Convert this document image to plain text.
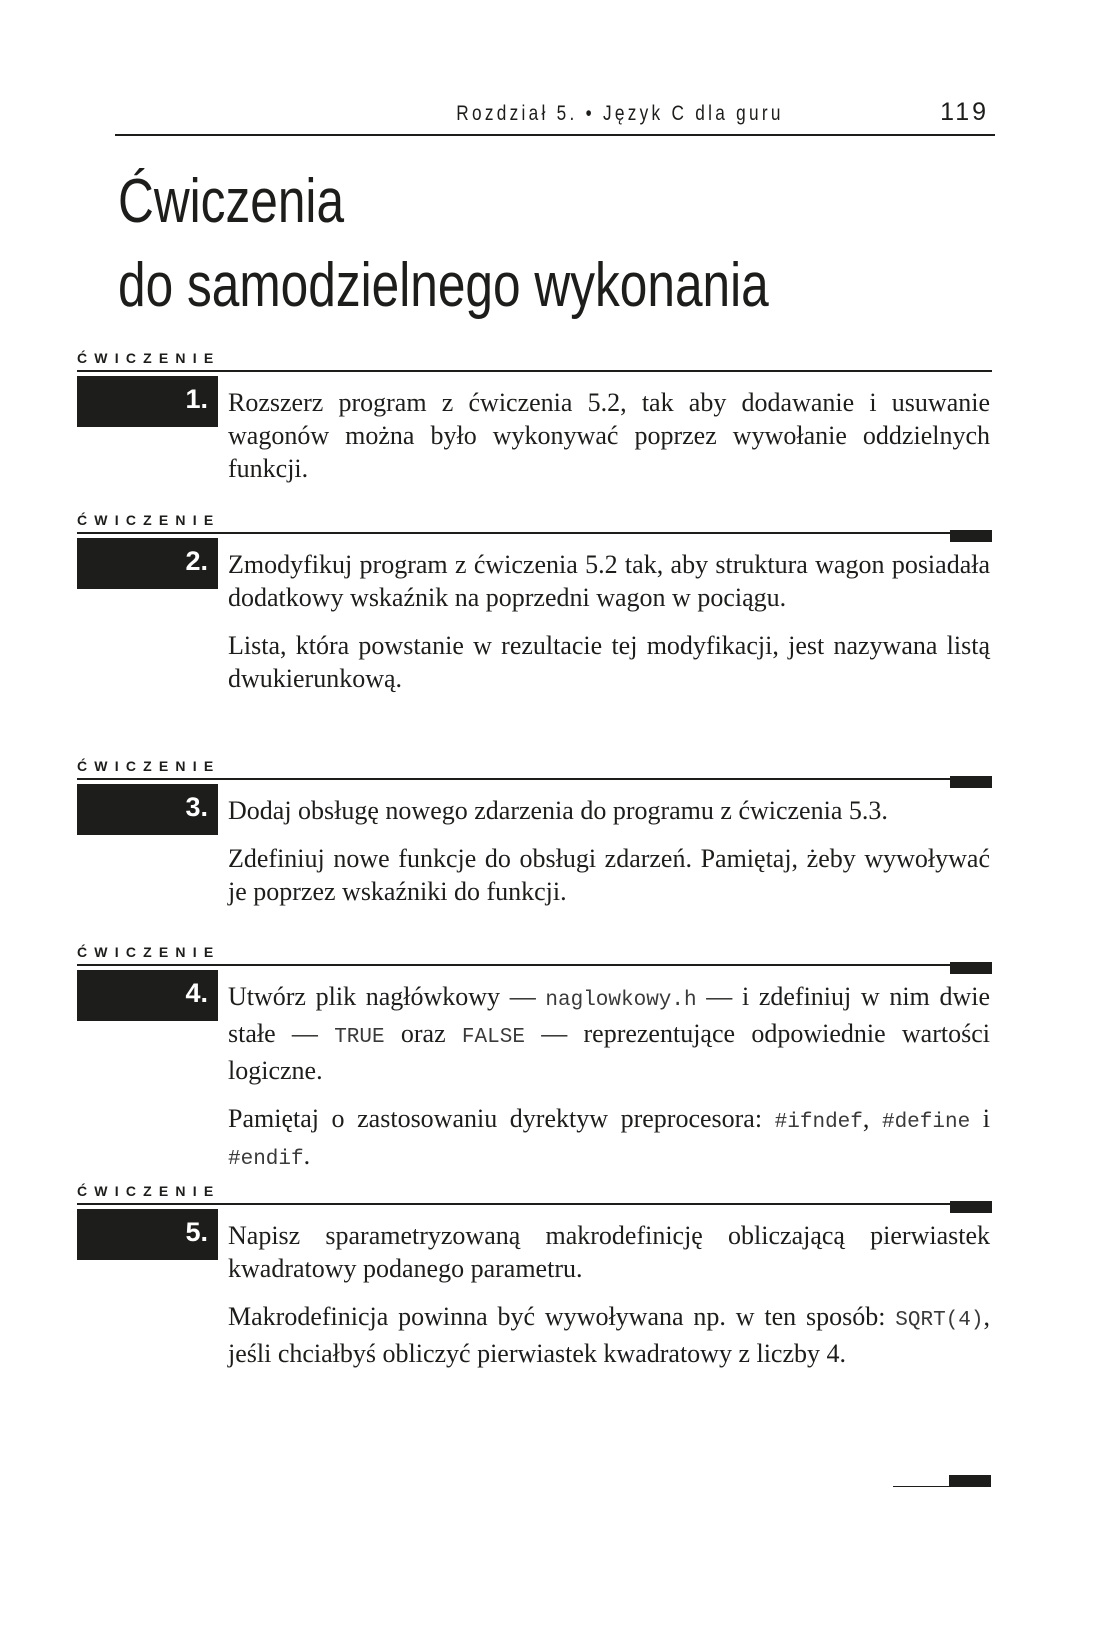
Rozdział 5. • Język C dla guru	119
Ćwiczenia
do samodzielnego wykonania
ĆWICZENIE
1. Rozszerz program z ćwiczenia 5.2, tak aby dodawanie i usuwanie wagonów można było wykonywać poprzez wywołanie oddzielnych funkcji.

ĆWICZENIE
2. Zmodyfikuj program z ćwiczenia 5.2 tak, aby struktura wagon posiadała dodatkowy wskaźnik na poprzedni wagon w pociągu.

Lista, która powstanie w rezultacie tej modyfikacji, jest nazywana listą dwukierunkową.

ĆWICZENIE
3. Dodaj obsługę nowego zdarzenia do programu z ćwiczenia 5.3.

Zdefiniuj nowe funkcje do obsługi zdarzeń. Pamiętaj, żeby wywoływać je poprzez wskaźniki do funkcji.

ĆWICZENIE
4. Utwórz plik nagłówkowy — naglowkowy.h — i zdefiniuj w nim dwie stałe — TRUE oraz FALSE — reprezentujące odpowiednie wartości logiczne.

Pamiętaj o zastosowaniu dyrektyw preprocesora: #ifndef, #define i #endif.

ĆWICZENIE
5. Napisz sparametryzowaną makrodefinicję obliczającą pierwiastek kwadratowy podanego parametru.

Makrodefinicja powinna być wywoływana np. w ten sposób: SQRT(4), jeśli chciałbyś obliczyć pierwiastek kwadratowy z liczby 4.
